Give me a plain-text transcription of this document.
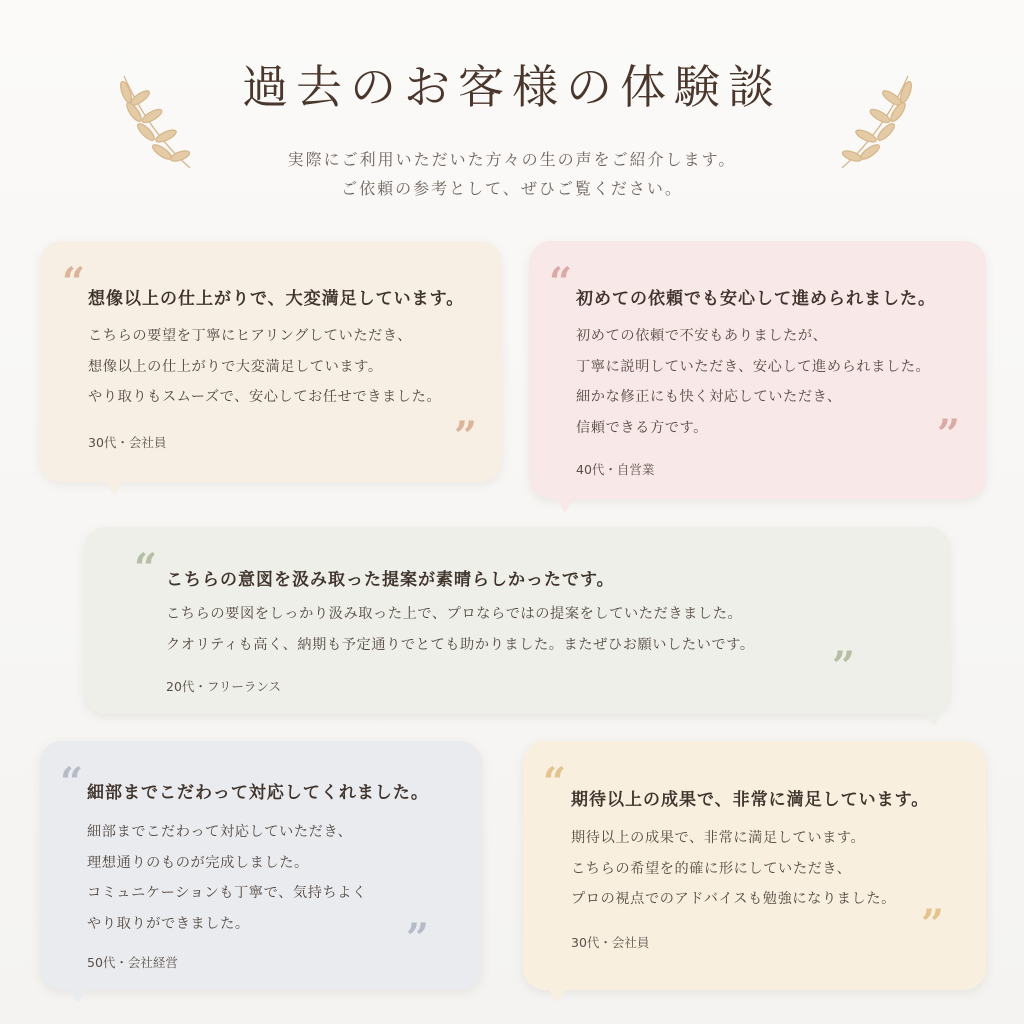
過去のお客様の体験談
実際にご利用いただいた方々の生の声をご紹介します。
ご依頼の参考として、ぜひご覧ください。
“ 想像以上の仕上がりで、大変満足しています。
こちらの要望を丁寧にヒアリングしていただき、
想像以上の仕上がりで大変満足しています。
やり取りもスムーズで、安心してお任せできました。
30代・会社員	”
“ 初めての依頼でも安心して進められました。
初めての依頼で不安もありましたが、
丁寧に説明していただき、安心して進められました。
細かな修正にも快く対応していただき、
信頼できる方です。
40代・自営業
”
“ こちらの意図を汲み取った提案が素晴らしかったです。
こちらの要図をしっかり汲み取った上で、プロならではの提案をしていただきました。
クオリティも高く、納期も予定通りでとても助かりました。またぜひお願いしたいです。
20代・フリーランス	”
“ 細部までこだわって対応してくれました。
細部までこだわって対応していただき、
理想通りのものが完成しました。
コミュニケーションも丁寧で、気持ちよく
やり取りができました。
50代・会社経営
”
“ 期待以上の成果で、非常に満足しています。
期待以上の成果で、非常に満足しています。
こちらの希望を的確に形にしていただき、
プロの視点でのアドバイスも勉強になりました。
30代・会社員	”
